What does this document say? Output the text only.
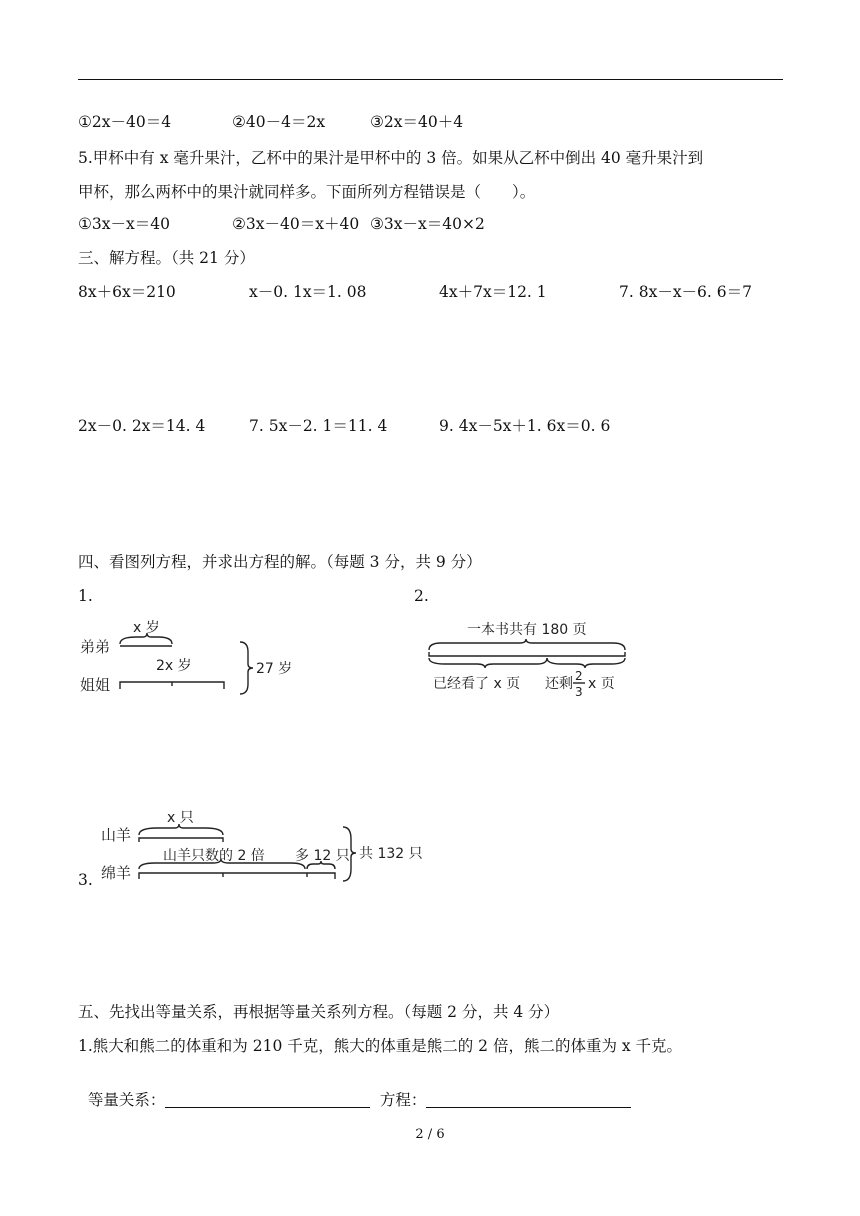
①2x－40＝4	②40－4＝2x	③2x＝40＋4
5.甲杯中有 x 毫升果汁，乙杯中的果汁是甲杯中的 3 倍。如果从乙杯中倒出 40 毫升果汁到
甲杯，那么两杯中的果汁就同样多。下面所列方程错误是（　　）。
①3x－x＝40	②3x－40＝x＋40 ③3x－x＝40×2
三、解方程。（共 21 分）
8x＋6x＝210	x－0. 1x＝1. 08	4x＋7x＝12. 1	7. 8x－x－6. 6＝7
2x－0. 2x＝14. 4	7. 5x－2. 1＝11. 4	9. 4x－5x＋1. 6x＝0. 6
四、看图列方程，并求出方程的解。（每题 3 分，共 9 分）
1.	2.
x 岁
弟弟
2x 岁
姐姐
27 岁
一本书共有 180 页
已经看了 x 页 还剩 2
3 x 页
x 只
山羊
山羊只数的 2 倍 多 12 只
绵羊
共 132 只
3.
五、先找出等量关系，再根据等量关系列方程。（每题 2 分，共 4 分）
1.熊大和熊二的体重和为 210 千克，熊大的体重是熊二的 2 倍，熊二的体重为 x 千克。

等量关系：	方程：

2 / 6
